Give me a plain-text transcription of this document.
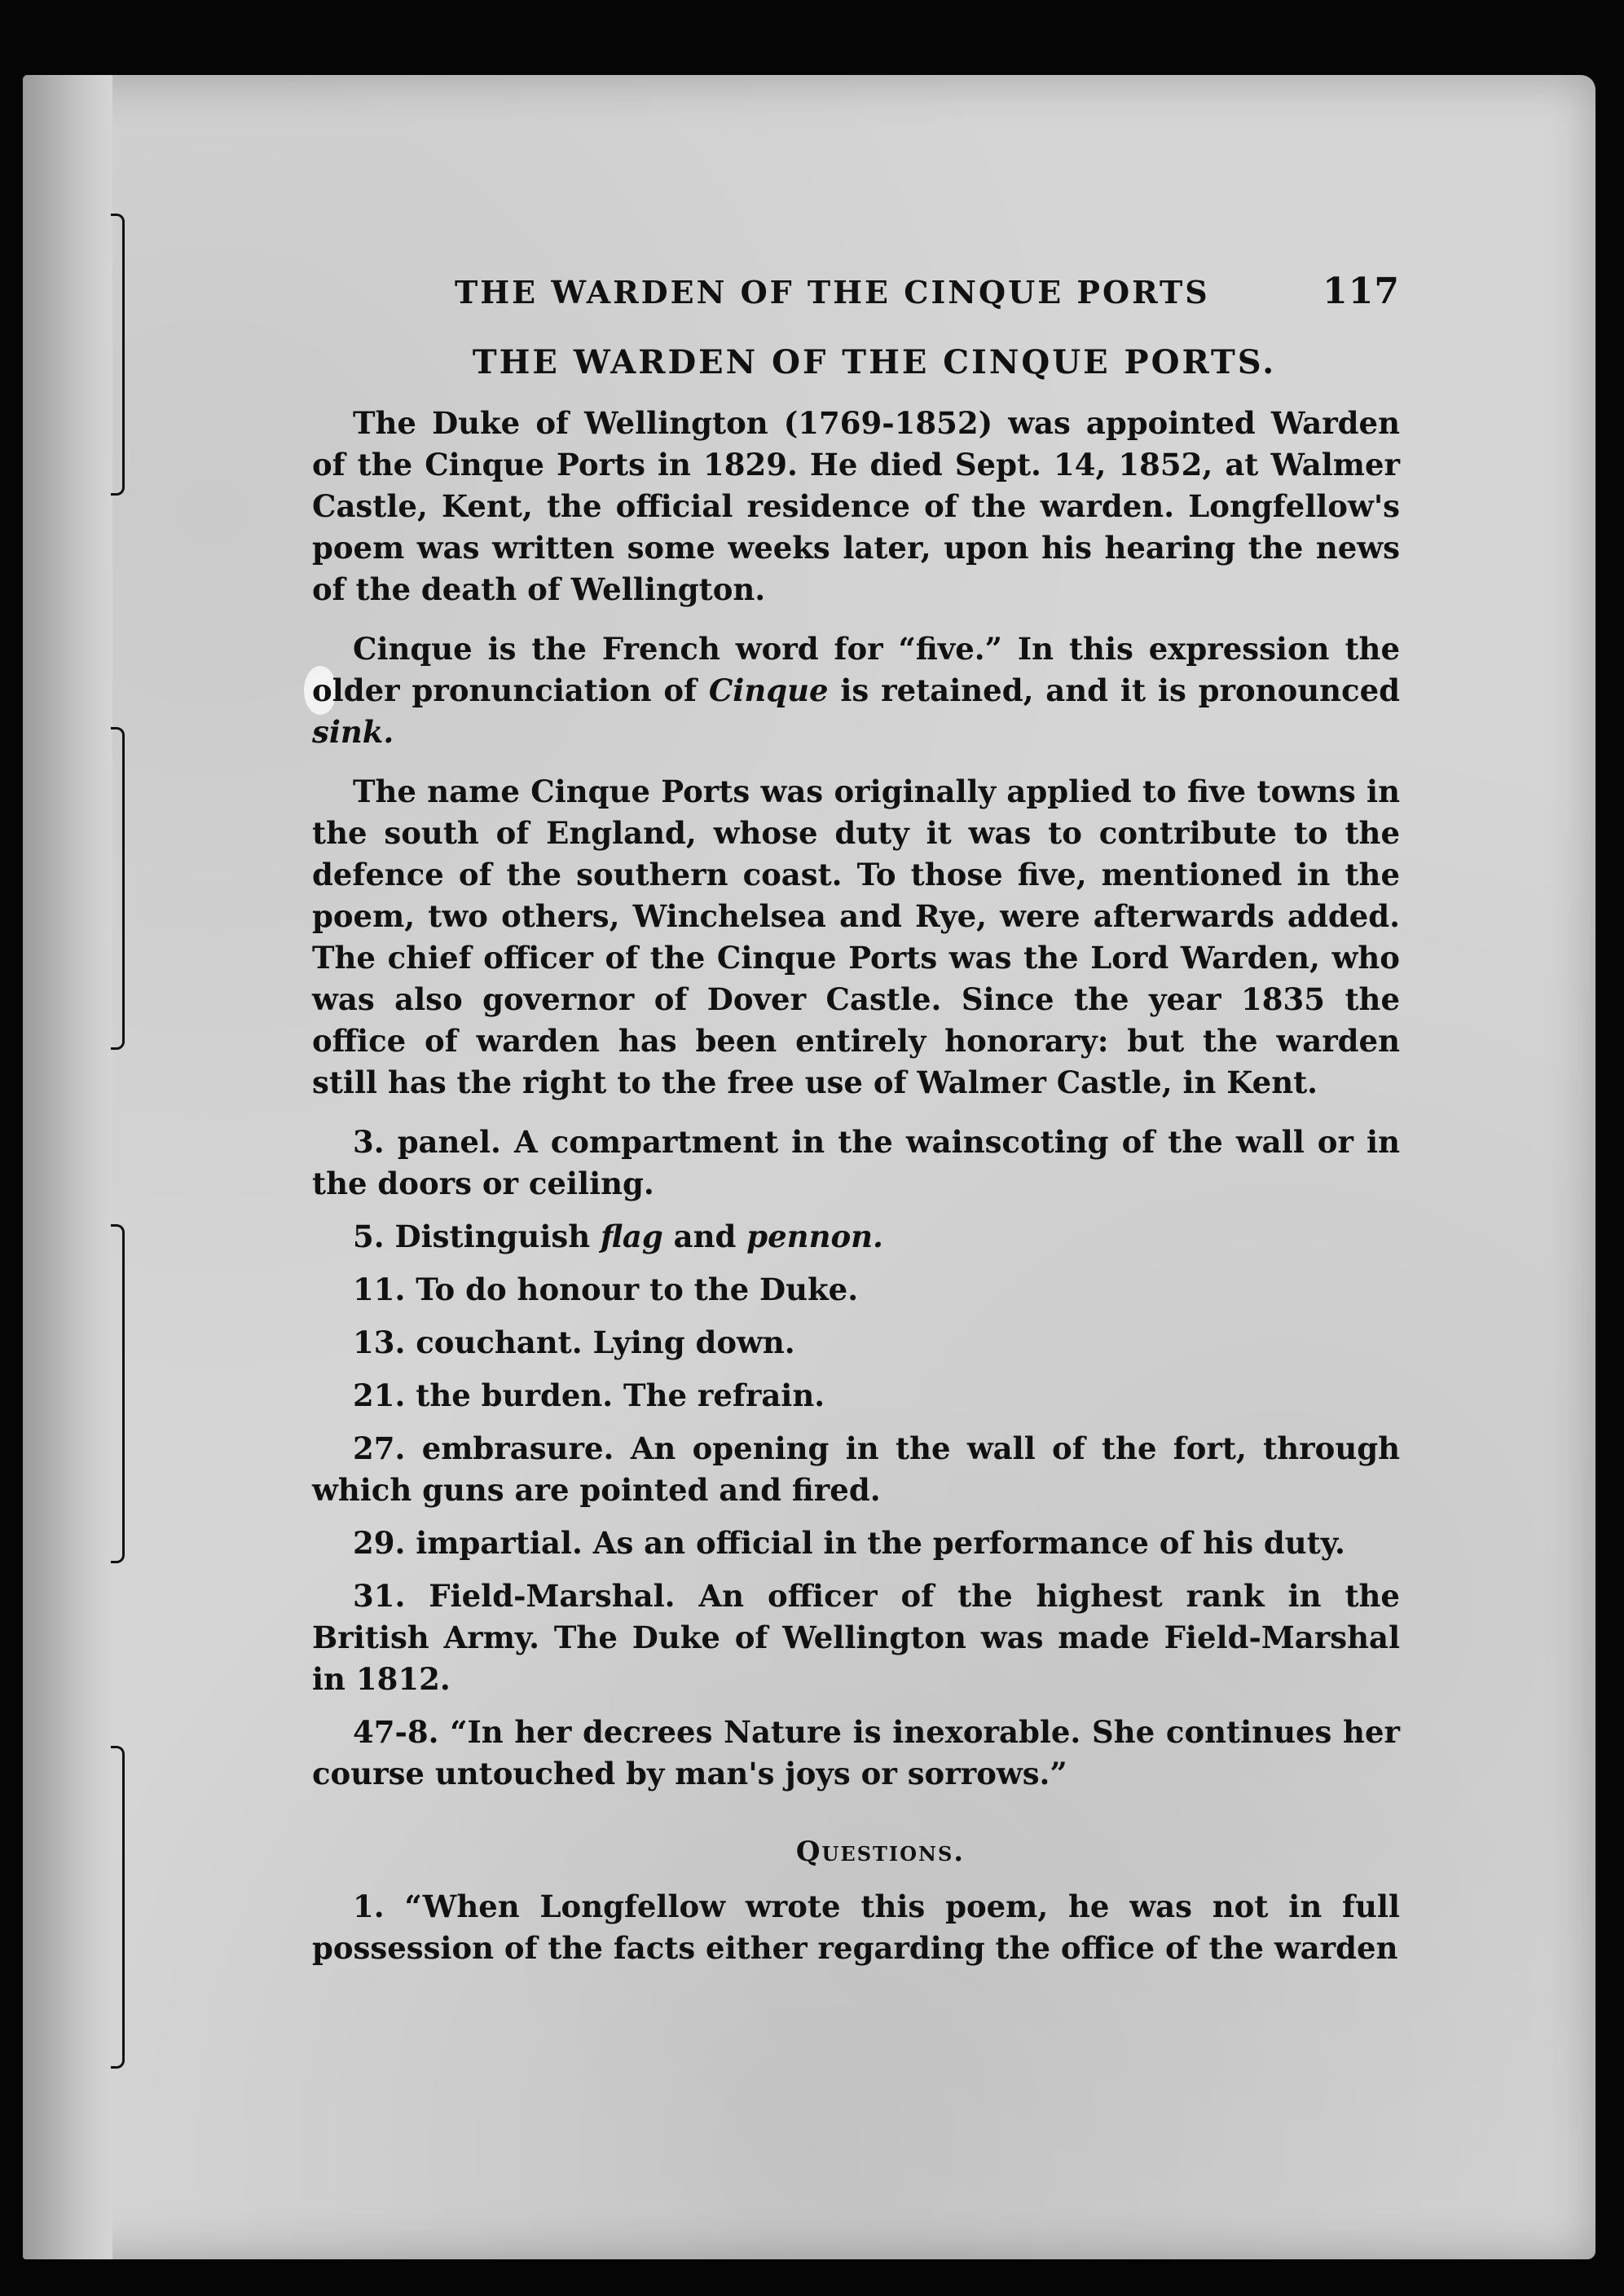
THE WARDEN OF THE CINQUE PORTS	117
THE WARDEN OF THE CINQUE PORTS.

The Duke of Wellington (1769-1852) was appointed Warden of the Cinque Ports in 1829. He died Sept. 14, 1852, at Walmer Castle, Kent, the official residence of the warden. Longfellow's poem was written some weeks later, upon his hearing the news of the death of Wellington.

Cinque is the French word for “five.” In this expression the older pronunciation of Cinque is retained, and it is pronounced sink.

The name Cinque Ports was originally applied to five towns in the south of England, whose duty it was to contribute to the defence of the southern coast. To those five, mentioned in the poem, two others, Winchelsea and Rye, were afterwards added. The chief officer of the Cinque Ports was the Lord Warden, who was also governor of Dover Castle. Since the year 1835 the office of warden has been entirely honorary: but the warden still has the right to the free use of Walmer Castle, in Kent.

3. panel. A compartment in the wainscoting of the wall or in the doors or ceiling.

5. Distinguish flag and pennon.

11. To do honour to the Duke.

13. couchant. Lying down.

21. the burden. The refrain.

27. embrasure. An opening in the wall of the fort, through which guns are pointed and fired.

29. impartial. As an official in the performance of his duty.

31. Field-Marshal. An officer of the highest rank in the British Army. The Duke of Wellington was made Field-Marshal in 1812.

47-8. “In her decrees Nature is inexorable. She continues her course untouched by man's joys or sorrows.”

Questions.

1. “When Longfellow wrote this poem, he was not in full possession of the facts either regarding the office of the warden
